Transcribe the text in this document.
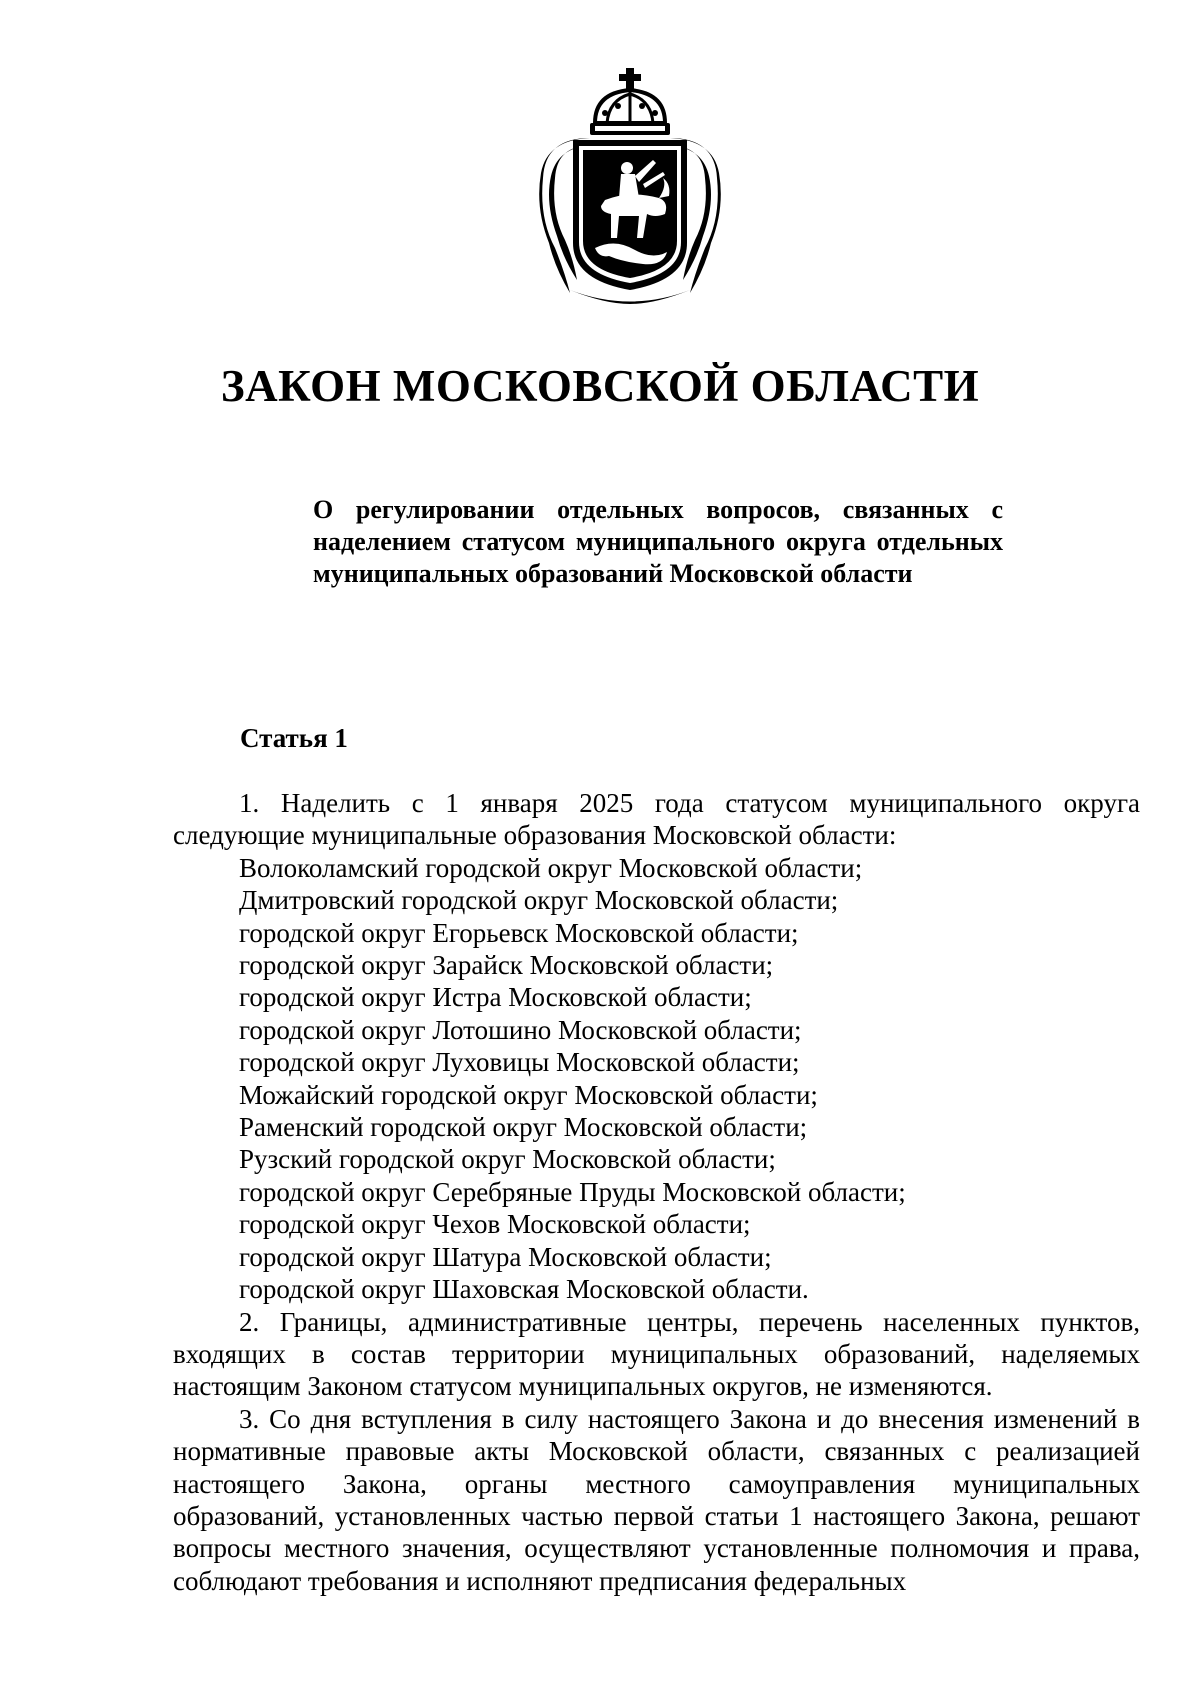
ЗАКОН МОСКОВСКОЙ ОБЛАСТИ

О регулировании отдельных вопросов, связанных с наделением статусом муниципального округа отдельных муниципальных образований Московской области

Статья 1

1. Наделить с 1 января 2025 года статусом муниципального округа следующие муниципальные образования Московской области:

Волоколамский городской округ Московской области;
Дмитровский городской округ Московской области;
городской округ Егорьевск Московской области;
городской округ Зарайск Московской области;
городской округ Истра Московской области;
городской округ Лотошино Московской области;
городской округ Луховицы Московской области;
Можайский городской округ Московской области;
Раменский городской округ Московской области;
Рузский городской округ Московской области;
городской округ Серебряные Пруды Московской области;
городской округ Чехов Московской области;
городской округ Шатура Московской области;
городской округ Шаховская Московской области.

2. Границы, административные центры, перечень населенных пунктов, входящих в состав территории муниципальных образований, наделяемых настоящим Законом статусом муниципальных округов, не изменяются.

3. Со дня вступления в силу настоящего Закона и до внесения изменений в нормативные правовые акты Московской области, связанных с реализацией настоящего Закона, органы местного самоуправления муниципальных образований, установленных частью первой статьи 1 настоящего Закона, решают вопросы местного значения, осуществляют установленные полномочия и права, соблюдают требования и исполняют предписания федеральных
